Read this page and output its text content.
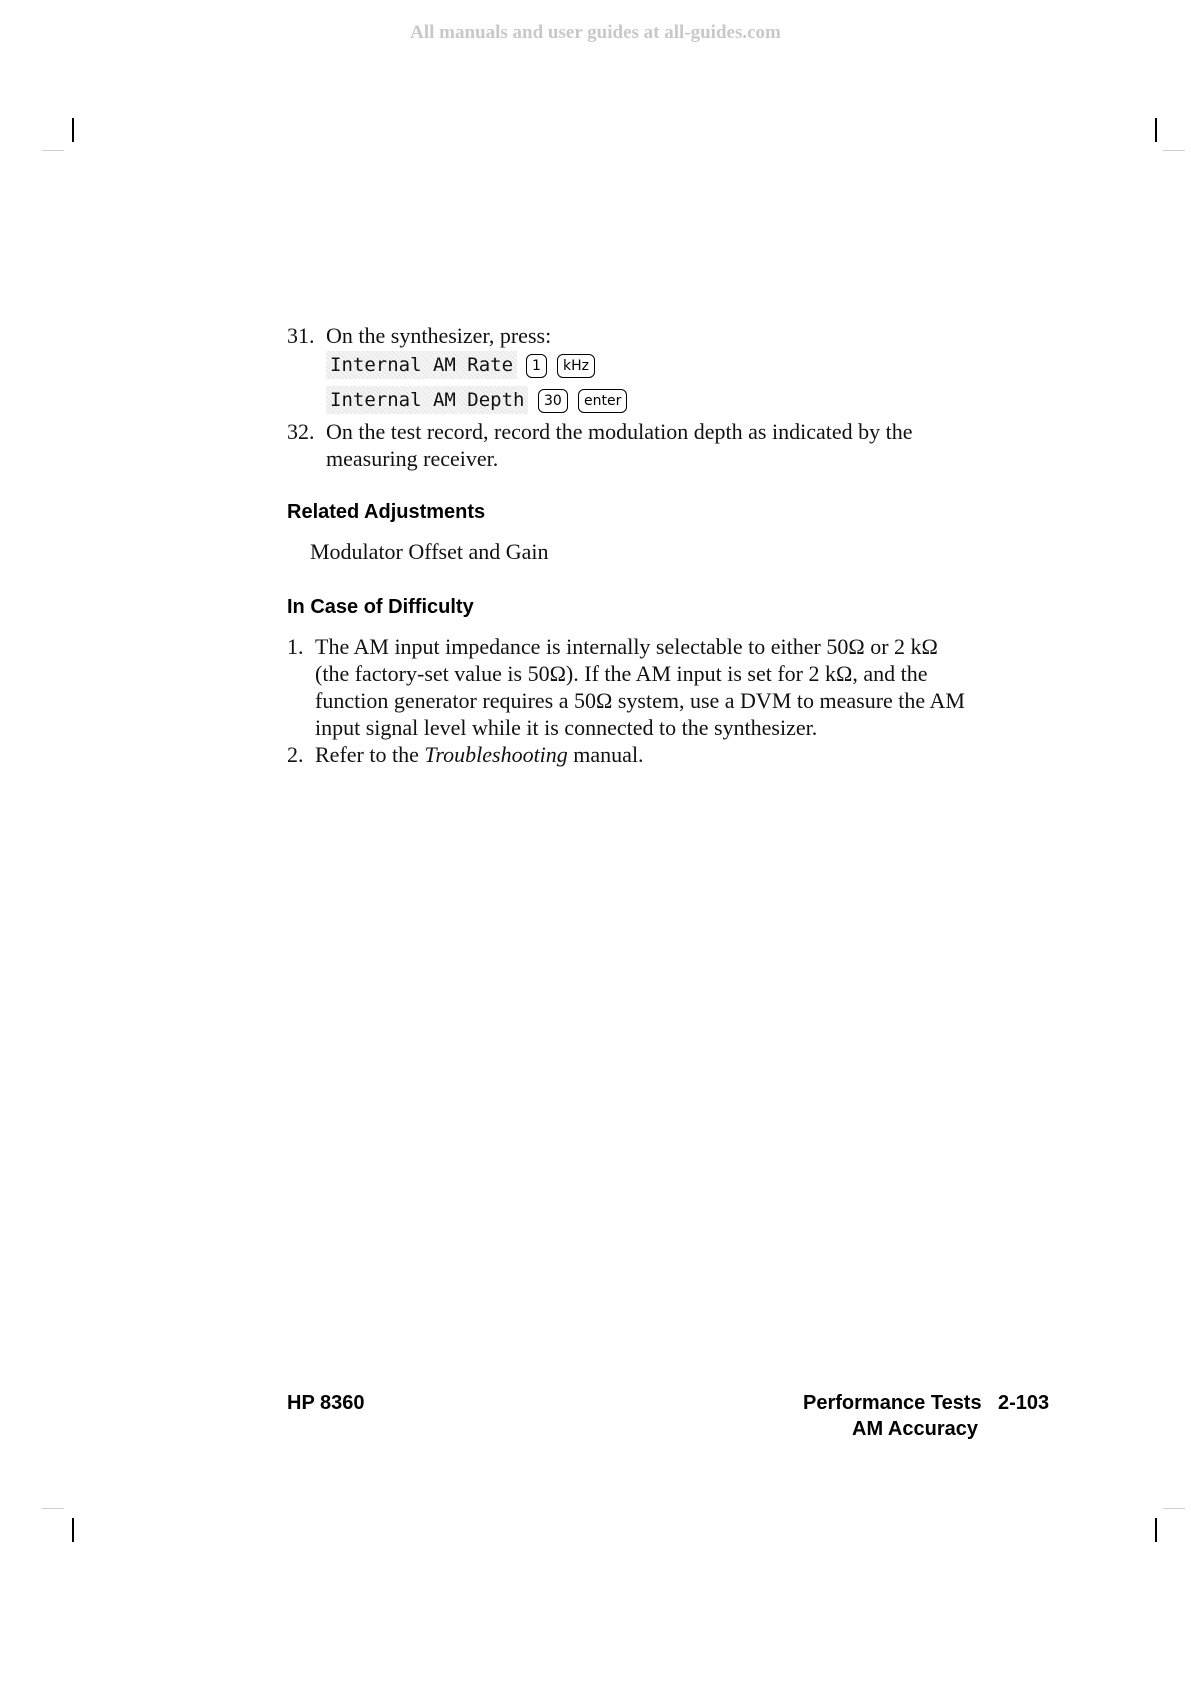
All manuals and user guides at all-guides.com
31. On the synthesizer, press:
Internal AM Rate	1	kHz
Internal AM Depth	30	enter
32. On the test record, record the modulation depth as indicated by the
measuring receiver.
Related Adjustments
Modulator Offset and Gain
In Case of Difficulty
1. The AM input impedance is internally selectable to either 50Ω or 2 kΩ
(the factory-set value is 50Ω). If the AM input is set for 2 kΩ, and the
function generator requires a 50Ω system, use a DVM to measure the AM
input signal level while it is connected to the synthesizer.
2. Refer to the Troubleshooting manual.
HP 8360	Performance Tests 2-103
AM Accuracy
